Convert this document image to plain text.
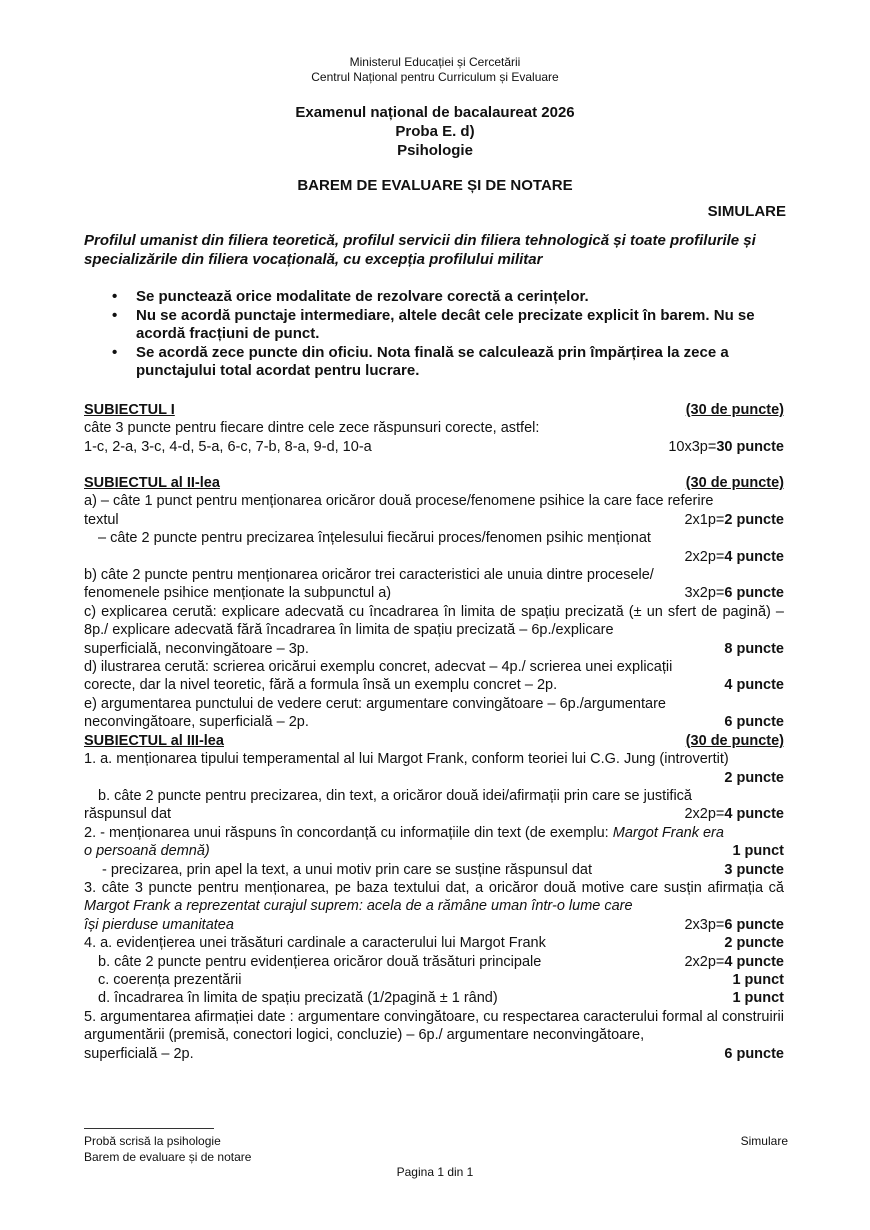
Ministerul Educației și Cercetării
Centrul Național pentru Curriculum și Evaluare
Examenul național de bacalaureat 2026
Proba E. d)
Psihologie
BAREM DE EVALUARE ȘI DE NOTARE
SIMULARE
Profilul umanist din filiera teoretică, profilul servicii din filiera tehnologică și toate profilurile și specializările din filiera vocațională, cu excepția profilului militar
• Se punctează orice modalitate de rezolvare corectă a cerințelor.
• Nu se acordă punctaje intermediare, altele decât cele precizate explicit în barem. Nu se acordă fracțiuni de punct.
• Se acordă zece puncte din oficiu. Nota finală se calculează prin împărțirea la zece a punctajului total acordat pentru lucrare.
SUBIECTUL I	(30 de puncte)
câte 3 puncte pentru fiecare dintre cele zece răspunsuri corecte, astfel:
1-c, 2-a, 3-c, 4-d, 5-a, 6-c, 7-b, 8-a, 9-d, 10-a	10x3p=30 puncte
SUBIECTUL al II-lea	(30 de puncte)
a) – câte 1 punct pentru menționarea oricăror două procese/fenomene psihice la care face referire
textul	2x1p=2 puncte
– câte 2 puncte pentru precizarea înțelesului fiecărui proces/fenomen psihic menționat
2x2p=4 puncte
b) câte 2 puncte pentru menționarea oricăror trei caracteristici ale unuia dintre procesele/
fenomenele psihice menționate la subpunctul a)	3x2p=6 puncte
c) explicarea cerută: explicare adecvată cu încadrarea în limita de spațiu precizată (± un sfert de pagină) – 8p./ explicare adecvată fără încadrarea în limita de spațiu precizată – 6p./explicare
superficială, neconvingătoare – 3p.	8 puncte
d) ilustrarea cerută: scrierea oricărui exemplu concret, adecvat – 4p./ scrierea unei explicații
corecte, dar la nivel teoretic, fără a formula însă un exemplu concret – 2p.	4 puncte
e) argumentarea punctului de vedere cerut: argumentare convingătoare – 6p./argumentare
neconvingătoare, superficială – 2p.	6 puncte
SUBIECTUL al III-lea	(30 de puncte)
1. a. menționarea tipului temperamental al lui Margot Frank, conform teoriei lui C.G. Jung (introvertit)
2 puncte
b. câte 2 puncte pentru precizarea, din text, a oricăror două idei/afirmații prin care se justifică
răspunsul dat	2x2p=4 puncte
2. - menționarea unui răspuns în concordanță cu informațiile din text (de exemplu: Margot Frank era
o persoană demnă)	1 punct
- precizarea, prin apel la text, a unui motiv prin care se susține răspunsul dat	3 puncte
3. câte 3 puncte pentru menționarea, pe baza textului dat, a oricăror două motive care susțin afirmația că Margot Frank a reprezentat curajul suprem: acela de a rămâne uman într-o lume care
își pierduse umanitatea	2x3p=6 puncte
4. a. evidențierea unei trăsături cardinale a caracterului lui Margot Frank	2 puncte
b. câte 2 puncte pentru evidențierea oricăror două trăsături principale	2x2p=4 puncte
c. coerența prezentării	1 punct
d. încadrarea în limita de spațiu precizată (1/2pagină ± 1 rând)	1 punct
5. argumentarea afirmației date : argumentare convingătoare, cu respectarea caracterului formal al construirii argumentării (premisă, conectori logici, concluzie) – 6p./ argumentare neconvingătoare,
superficială – 2p.	6 puncte
Probă scrisă la psihologie
Barem de evaluare și de notare
Simulare
Pagina 1 din 1
